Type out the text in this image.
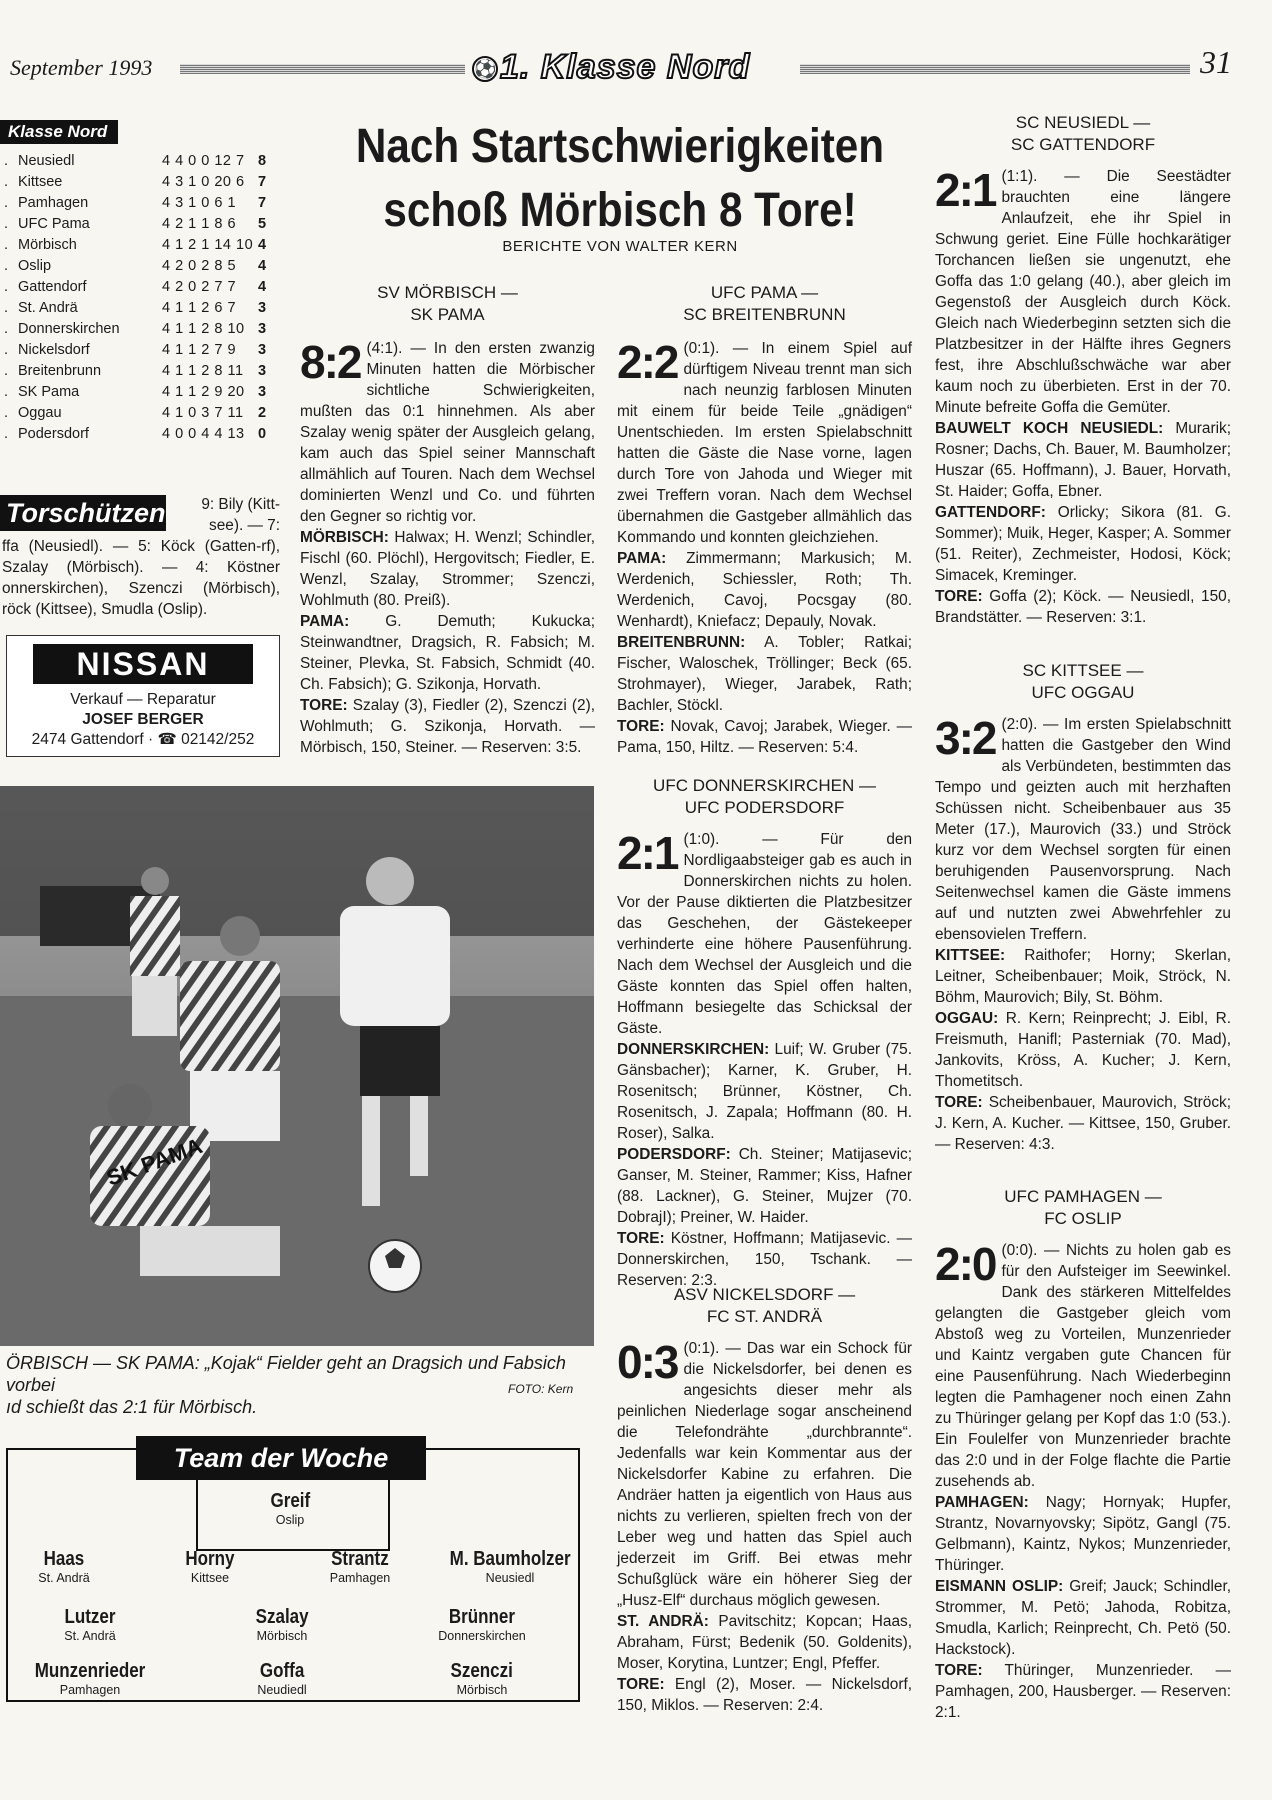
September 1993	⚽ 1. Klasse Nord	31
Klasse Nord
. Neusiedl	4 4 0 0 12 7 8
. Kittsee	4 3 1 0 20 6 7
. Pamhagen	4 3 1 0 6 1 7
. UFC Pama	4 2 1 1 8 6 5
. Mörbisch	4 1 2 1 14 10 4
. Oslip	4 2 0 2 8 5 4
. Gattendorf	4 2 0 2 7 7 4
. St. Andrä	4 1 1 2 6 7 3
. Donnerskirchen	4 1 1 2 8 10 3
. Nickelsdorf	4 1 1 2 7 9 3
. Breitenbrunn	4 1 1 2 8 11 3
. SK Pama	4 1 1 2 9 20 3
. Oggau	4 1 0 3 7 11 2
. Podersdorf	4 0 0 4 4 13 0
Torschützen	9: Bily (Kitt-
see). — 7:
ffa (Neusiedl). — 5: Köck (Gatten-rf), Szalay (Mörbisch). — 4: Köstner onnerskirchen), Szenczi (Mörbisch), röck (Kittsee), Smudla (Oslip).
NISSAN
Verkauf — Reparatur
JOSEF BERGER
2474 Gattendorf · ☎ 02142/252
Nach Startschwierigkeiten
schoß Mörbisch 8 Tore!
BERICHTE VON WALTER KERN
SV MÖRBISCH —
SK PAMA
8:2 (4:1). — In den ersten zwanzig Minuten hatten die Mörbischer sichtliche Schwierigkeiten, mußten das 0:1 hinnehmen. Als aber Szalay wenig später der Ausgleich gelang, kam auch das Spiel seiner Mannschaft allmählich auf Touren. Nach dem Wechsel dominierten Wenzl und Co. und führten den Gegner so richtig vor.
MÖRBISCH: Halwax; H. Wenzl; Schindler, Fischl (60. Plöchl), Hergovitsch; Fiedler, E. Wenzl, Szalay, Strommer; Szenczi, Wohlmuth (80. Preiß).
PAMA: G. Demuth; Kukucka; Steinwandtner, Dragsich, R. Fabsich; M. Steiner, Plevka, St. Fabsich, Schmidt (40. Ch. Fabsich); G. Szikonja, Horvath.
TORE: Szalay (3), Fiedler (2), Szenczi (2), Wohlmuth; G. Szikonja, Horvath. — Mörbisch, 150, Steiner. — Reserven: 3:5.
UFC PAMA —
SC BREITENBRUNN
2:2 (0:1). — In einem Spiel auf dürftigem Niveau trennt man sich nach neunzig farblosen Minuten mit einem für beide Teile „gnädigen“ Unentschieden. Im ersten Spielabschnitt hatten die Gäste die Nase vorne, lagen durch Tore von Jahoda und Wieger mit zwei Treffern voran. Nach dem Wechsel übernahmen die Gastgeber allmählich das Kommando und konnten gleichziehen.
PAMA: Zimmermann; Markusich; M. Werdenich, Schiessler, Roth; Th. Werdenich, Cavoj, Pocsgay (80. Wenhardt), Kniefacz; Depauly, Novak.
BREITENBRUNN: A. Tobler; Ratkai; Fischer, Waloschek, Tröllinger; Beck (65. Strohmayer), Wieger, Jarabek, Rath; Bachler, Stöckl.
TORE: Novak, Cavoj; Jarabek, Wieger. — Pama, 150, Hiltz. — Reserven: 5:4.
UFC DONNERSKIRCHEN —
UFC PODERSDORF
2:1 (1:0). — Für den Nordligaabsteiger gab es auch in Donnerskirchen nichts zu holen. Vor der Pause diktierten die Platzbesitzer das Geschehen, der Gästekeeper verhinderte eine höhere Pausenführung. Nach dem Wechsel der Ausgleich und die Gäste konnten das Spiel offen halten, Hoffmann besiegelte das Schicksal der Gäste.
DONNERSKIRCHEN: Luif; W. Gruber (75. Gänsbacher); Karner, K. Gruber, H. Rosenitsch; Brünner, Köstner, Ch. Rosenitsch, J. Zapala; Hoffmann (80. H. Roser), Salka.
PODERSDORF: Ch. Steiner; Matijasevic; Ganser, M. Steiner, Rammer; Kiss, Hafner (88. Lackner), G. Steiner, Mujzer (70. DobrajI); Preiner, W. Haider.
TORE: Köstner, Hoffmann; Matijasevic. — Donnerskirchen, 150, Tschank. — Reserven: 2:3.
ASV NICKELSDORF —
FC ST. ANDRÄ
0:3 (0:1). — Das war ein Schock für die Nickelsdorfer, bei denen es angesichts dieser mehr als peinlichen Niederlage sogar anscheinend die Telefondrähte „durchbrannte“. Jedenfalls war kein Kommentar aus der Nickelsdorfer Kabine zu erfahren. Die Andräer hatten ja eigentlich von Haus aus nichts zu verlieren, spielten frech von der Leber weg und hatten das Spiel auch jederzeit im Griff. Bei etwas mehr Schußglück wäre ein höherer Sieg der „Husz-Elf“ durchaus möglich gewesen.
ST. ANDRÄ: Pavitschitz; Kopcan; Haas, Abraham, Fürst; Bedenik (50. Goldenits), Moser, Korytina, Luntzer; Engl, Pfeffer.
TORE: Engl (2), Moser. — Nickelsdorf, 150, Miklos. — Reserven: 2:4.
SC NEUSIEDL —
SC GATTENDORF
2:1 (1:1). — Die Seestädter brauchten eine längere Anlaufzeit, ehe ihr Spiel in Schwung geriet. Eine Fülle hochkarätiger Torchancen ließen sie ungenutzt, ehe Goffa das 1:0 gelang (40.), aber gleich im Gegenstoß der Ausgleich durch Köck. Gleich nach Wiederbeginn setzten sich die Platzbesitzer in der Hälfte ihres Gegners fest, ihre Abschlußschwäche war aber kaum noch zu überbieten. Erst in der 70. Minute befreite Goffa die Gemüter.
BAUWELT KOCH NEUSIEDL: Murarik; Rosner; Dachs, Ch. Bauer, M. Baumholzer; Huszar (65. Hoffmann), J. Bauer, Horvath, St. Haider; Goffa, Ebner.
GATTENDORF: Orlicky; Sikora (81. G. Sommer); Muik, Heger, Kasper; A. Sommer (51. Reiter), Zechmeister, Hodosi, Köck; Simacek, Kreminger.
TORE: Goffa (2); Köck. — Neusiedl, 150, Brandstätter. — Reserven: 3:1.
SC KITTSEE —
UFC OGGAU
3:2 (2:0). — Im ersten Spielabschnitt hatten die Gastgeber den Wind als Verbündeten, bestimmten das Tempo und geizten auch mit herzhaften Schüssen nicht. Scheibenbauer aus 35 Meter (17.), Maurovich (33.) und Ströck kurz vor dem Wechsel sorgten für einen beruhigenden Pausenvorsprung. Nach Seitenwechsel kamen die Gäste immens auf und nutzten zwei Abwehrfehler zu ebensovielen Treffern.
KITTSEE: Raithofer; Horny; Skerlan, Leitner, Scheibenbauer; Moik, Ströck, N. Böhm, Maurovich; Bily, St. Böhm.
OGGAU: R. Kern; Reinprecht; J. Eibl, R. Freismuth, Hanifl; Pasterniak (70. Mad), Jankovits, Kröss, A. Kucher; J. Kern, Thometitsch.
TORE: Scheibenbauer, Maurovich, Ströck; J. Kern, A. Kucher. — Kittsee, 150, Gruber. — Reserven: 4:3.
UFC PAMHAGEN —
FC OSLIP
2:0 (0:0). — Nichts zu holen gab es für den Aufsteiger im Seewinkel. Dank des stärkeren Mittelfeldes gelangten die Gastgeber gleich vom Abstoß weg zu Vorteilen, Munzenrieder und Kaintz vergaben gute Chancen für eine Pausenführung. Nach Wiederbeginn legten die Pamhagener noch einen Zahn zu Thüringer gelang per Kopf das 1:0 (53.). Ein Foulelfer von Munzenrieder brachte das 2:0 und in der Folge flachte die Partie zusehends ab.
PAMHAGEN: Nagy; Hornyak; Hupfer, Strantz, Novarnyovsky; Sipötz, Gangl (75. Gelbmann), Kaintz, Nykos; Munzenrieder, Thüringer.
EISMANN OSLIP: Greif; Jauck; Schindler, Strommer, M. Petö; Jahoda, Robitza, Smudla, Karlich; Reinprecht, Ch. Petö (50. Hackstock).
TORE: Thüringer, Munzenrieder. — Pamhagen, 200, Hausberger. — Reserven: 2:1.
SK PAMA
ÖRBISCH — SK PAMA: „Kojak“ Fielder geht an Dragsich und Fabsich vorbei
ıd schießt das 2:1 für Mörbisch.
FOTO: Kern
Team der Woche
Greif
Oslip
Haas
St. Andrä
Horny
Kittsee
Strantz
Pamhagen
M. Baumholzer
Neusiedl
Lutzer
St. Andrä
Szalay
Mörbisch
Brünner
Donnerskirchen
Munzenrieder
Pamhagen
Goffa
Neudiedl
Szenczi
Mörbisch
